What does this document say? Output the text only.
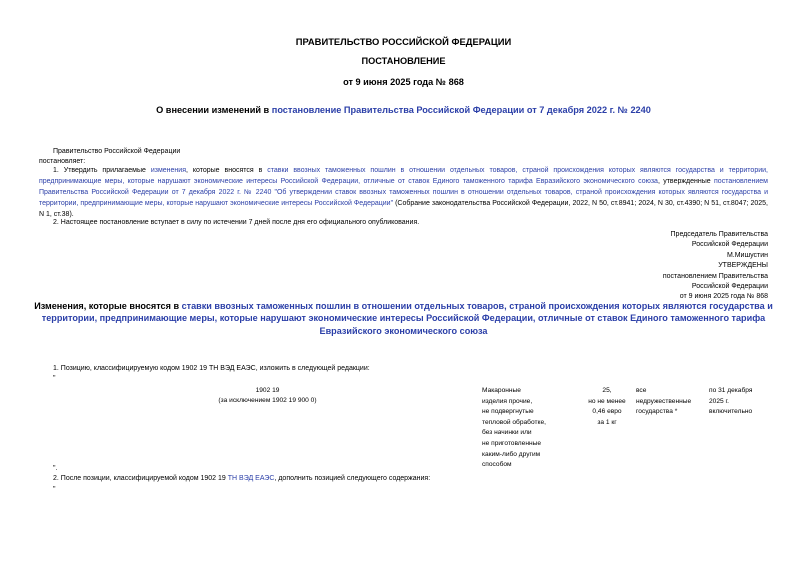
ПРАВИТЕЛЬСТВО РОССИЙСКОЙ ФЕДЕРАЦИИ
ПОСТАНОВЛЕНИЕ
от 9 июня 2025 года № 868
О внесении изменений в постановление Правительства Российской Федерации от 7 декабря 2022 г. № 2240
Правительство Российской Федерации
постановляет:
1. Утвердить прилагаемые изменения, которые вносятся в ставки ввозных таможенных пошлин в отношении отдельных товаров, страной происхождения которых являются государства и территории, предпринимающие меры, которые нарушают экономические интересы Российской Федерации, отличные от ставок Единого таможенного тарифа Евразийского экономического союза, утвержденные постановлением Правительства Российской Федерации от 7 декабря 2022 г. № 2240 "Об утверждении ставок ввозных таможенных пошлин в отношении отдельных товаров, страной происхождения которых являются государства и территории, предпринимающие меры, которые нарушают экономические интересы Российской Федерации" (Собрание законодательства Российской Федерации, 2022, N 50, ст.8941; 2024, N 30, ст.4390; N 51, ст.8047; 2025, N 1, ст.38).
2. Настоящее постановление вступает в силу по истечении 7 дней после дня его официального опубликования.
Председатель Правительства
Российской Федерации
М.Мишустин
УТВЕРЖДЕНЫ
постановлением Правительства
Российской Федерации
от 9 июня 2025 года № 868
Изменения, которые вносятся в ставки ввозных таможенных пошлин в отношении отдельных товаров, страной происхождения которых являются государства и территории, предпринимающие меры, которые нарушают экономические интересы Российской Федерации, отличные от ставок Единого таможенного тарифа Евразийского экономического союза
1. Позицию, классифицируемую кодом 1902 19 ТН ВЭД ЕАЭС, изложить в следующей редакции:
"
1902 19
(за исключением 1902 19 900 0)
Макаронные
изделия прочие,
не подвергнутые
тепловой обработке,
без начинки или
не приготовленные
каким-либо другим
способом
25,
но не менее
0,46 евро
за 1 кг
все
недружественные
государства *
по 31 декабря
2025 г.
включительно
".
2. После позиции, классифицируемой кодом 1902 19 ТН ВЭД ЕАЭС, дополнить позицией следующего содержания:
"
